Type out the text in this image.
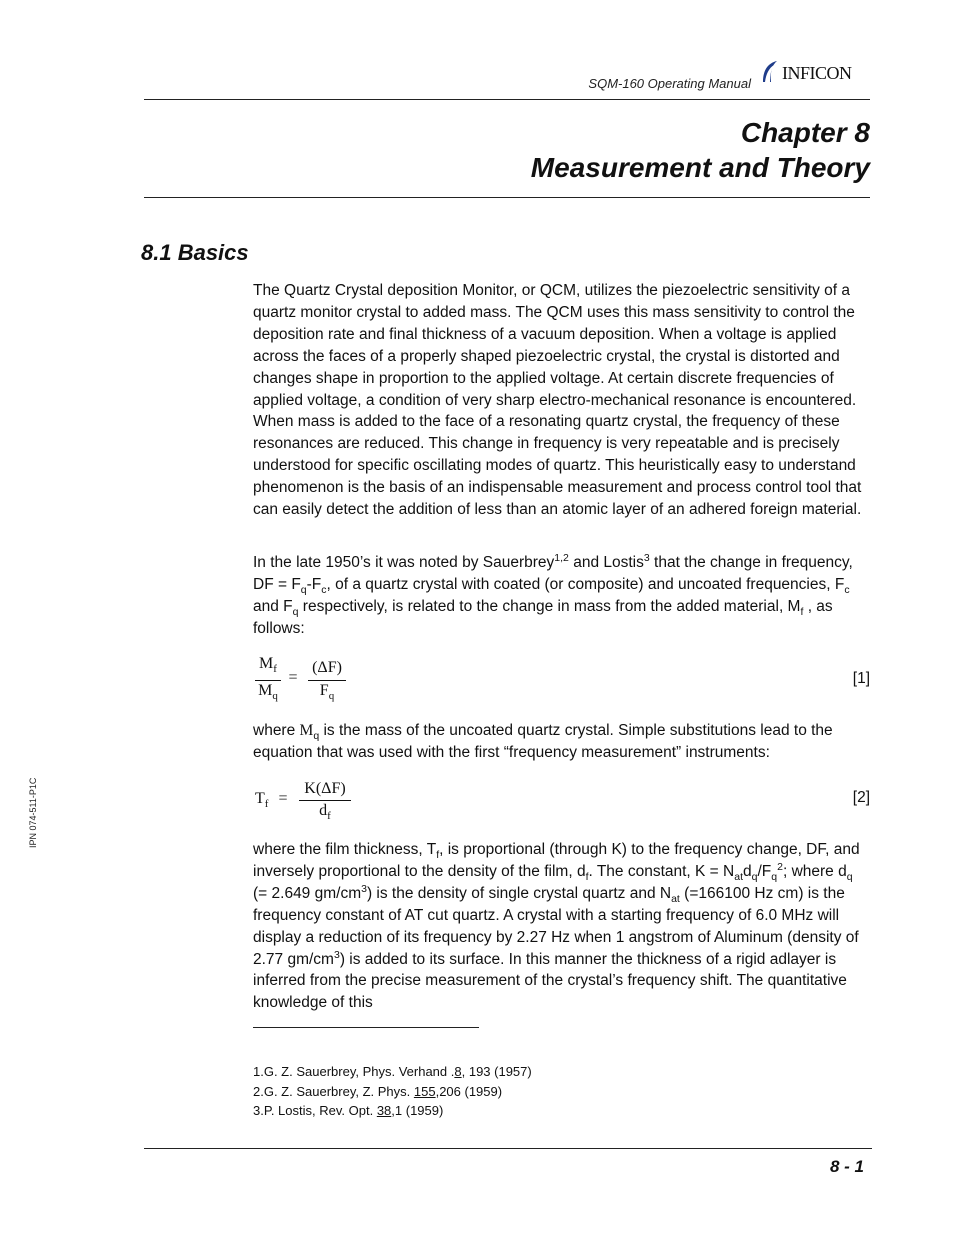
SQM-160 Operating Manual
INFICON
Chapter 8
Measurement and Theory
8.1 Basics
The Quartz Crystal deposition Monitor, or QCM, utilizes the piezoelectric sensitivity of a quartz monitor crystal to added mass. The QCM uses this mass sensitivity to control the deposition rate and final thickness of a vacuum deposition. When a voltage is applied across the faces of a properly shaped piezoelectric crystal, the crystal is distorted and changes shape in proportion to the applied voltage. At certain discrete frequencies of applied voltage, a condition of very sharp electro-mechanical resonance is encountered. When mass is added to the face of a resonating quartz crystal, the frequency of these resonances are reduced. This change in frequency is very repeatable and is precisely understood for specific oscillating modes of quartz. This heuristically easy to understand phenomenon is the basis of an indispensable measurement and process control tool that can easily detect the addition of less than an atomic layer of an adhered foreign material.
In the late 1950’s it was noted by Sauerbrey$^{1,2}$ and Lostis$^3$ that the change in frequency, DF = $F_q-F_c$, of a quartz crystal with coated (or composite) and uncoated frequencies, $F_c$ and $F_q$ respectively, is related to the change in mass from the added material, $M_f$ , as follows:
$M_f$
$M_q$
=
(ΔF)
$F_q$
[1]
where $M_q$ is the mass of the uncoated quartz crystal. Simple substitutions lead to the equation that was used with the first “frequency measurement” instruments:
$T_f$ =
K(ΔF)
$d_f$
[2]
where the film thickness, $T_f$, is proportional (through K) to the frequency change, DF, and inversely proportional to the density of the film, $d_f$. The constant, $K = N_{at}d_q/F_q^2$; where $d_q$ (= 2.649 $gm/cm^3$) is the density of single crystal quartz and $N_{at}$ (=166100 Hz cm) is the frequency constant of AT cut quartz. A crystal with a starting frequency of 6.0 MHz will display a reduction of its frequency by 2.27 Hz when 1 angstrom of Aluminum (density of 2.77 $gm/cm^3$) is added to its surface. In this manner the thickness of a rigid adlayer is inferred from the precise measurement of the crystal’s frequency shift. The quantitative knowledge of this
1.G. Z. Sauerbrey, Phys. Verhand .8, 193 (1957)
2.G. Z. Sauerbrey, Z. Phys. 155,206 (1959)
3.P. Lostis, Rev. Opt. 38,1 (1959)
IPN 074-511-P1C
8 - 1
